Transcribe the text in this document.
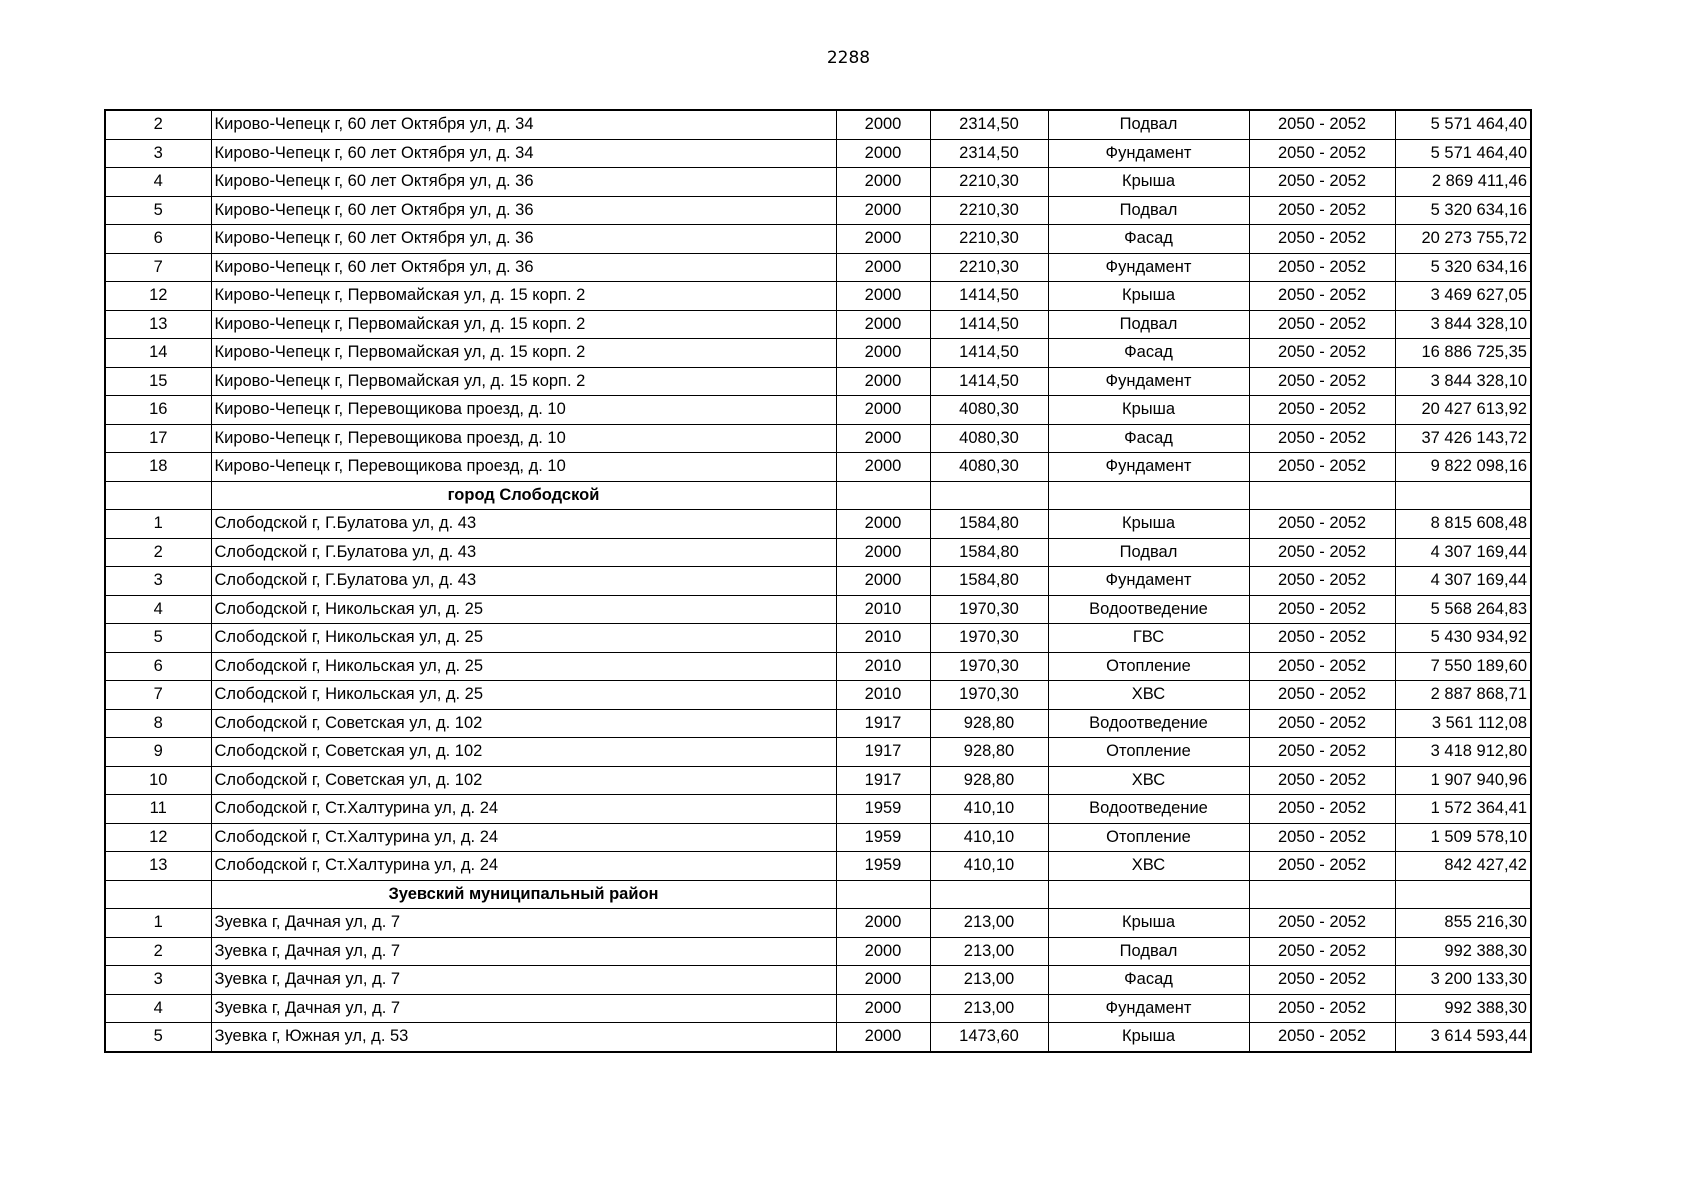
2288
2	Кирово-Чепецк г, 60 лет Октября ул, д. 34	2000	2314,50	Подвал	2050 - 2052	5 571 464,40
3	Кирово-Чепецк г, 60 лет Октября ул, д. 34	2000	2314,50	Фундамент	2050 - 2052	5 571 464,40
4	Кирово-Чепецк г, 60 лет Октября ул, д. 36	2000	2210,30	Крыша	2050 - 2052	2 869 411,46
5	Кирово-Чепецк г, 60 лет Октября ул, д. 36	2000	2210,30	Подвал	2050 - 2052	5 320 634,16
6	Кирово-Чепецк г, 60 лет Октября ул, д. 36	2000	2210,30	Фасад	2050 - 2052	20 273 755,72
7	Кирово-Чепецк г, 60 лет Октября ул, д. 36	2000	2210,30	Фундамент	2050 - 2052	5 320 634,16
12	Кирово-Чепецк г, Первомайская ул, д. 15 корп. 2	2000	1414,50	Крыша	2050 - 2052	3 469 627,05
13	Кирово-Чепецк г, Первомайская ул, д. 15 корп. 2	2000	1414,50	Подвал	2050 - 2052	3 844 328,10
14	Кирово-Чепецк г, Первомайская ул, д. 15 корп. 2	2000	1414,50	Фасад	2050 - 2052	16 886 725,35
15	Кирово-Чепецк г, Первомайская ул, д. 15 корп. 2	2000	1414,50	Фундамент	2050 - 2052	3 844 328,10
16	Кирово-Чепецк г, Перевощикова проезд, д. 10	2000	4080,30	Крыша	2050 - 2052	20 427 613,92
17	Кирово-Чепецк г, Перевощикова проезд, д. 10	2000	4080,30	Фасад	2050 - 2052	37 426 143,72
18	Кирово-Чепецк г, Перевощикова проезд, д. 10	2000	4080,30	Фундамент	2050 - 2052	9 822 098,16
	город Слободской					
1	Слободской г, Г.Булатова ул, д. 43	2000	1584,80	Крыша	2050 - 2052	8 815 608,48
2	Слободской г, Г.Булатова ул, д. 43	2000	1584,80	Подвал	2050 - 2052	4 307 169,44
3	Слободской г, Г.Булатова ул, д. 43	2000	1584,80	Фундамент	2050 - 2052	4 307 169,44
4	Слободской г, Никольская ул, д. 25	2010	1970,30	Водоотведение	2050 - 2052	5 568 264,83
5	Слободской г, Никольская ул, д. 25	2010	1970,30	ГВС	2050 - 2052	5 430 934,92
6	Слободской г, Никольская ул, д. 25	2010	1970,30	Отопление	2050 - 2052	7 550 189,60
7	Слободской г, Никольская ул, д. 25	2010	1970,30	ХВС	2050 - 2052	2 887 868,71
8	Слободской г, Советская ул, д. 102	1917	928,80	Водоотведение	2050 - 2052	3 561 112,08
9	Слободской г, Советская ул, д. 102	1917	928,80	Отопление	2050 - 2052	3 418 912,80
10	Слободской г, Советская ул, д. 102	1917	928,80	ХВС	2050 - 2052	1 907 940,96
11	Слободской г, Ст.Халтурина ул, д. 24	1959	410,10	Водоотведение	2050 - 2052	1 572 364,41
12	Слободской г, Ст.Халтурина ул, д. 24	1959	410,10	Отопление	2050 - 2052	1 509 578,10
13	Слободской г, Ст.Халтурина ул, д. 24	1959	410,10	ХВС	2050 - 2052	842 427,42
	Зуевский муниципальный район					
1	Зуевка г, Дачная ул, д. 7	2000	213,00	Крыша	2050 - 2052	855 216,30
2	Зуевка г, Дачная ул, д. 7	2000	213,00	Подвал	2050 - 2052	992 388,30
3	Зуевка г, Дачная ул, д. 7	2000	213,00	Фасад	2050 - 2052	3 200 133,30
4	Зуевка г, Дачная ул, д. 7	2000	213,00	Фундамент	2050 - 2052	992 388,30
5	Зуевка г, Южная ул, д. 53	2000	1473,60	Крыша	2050 - 2052	3 614 593,44
